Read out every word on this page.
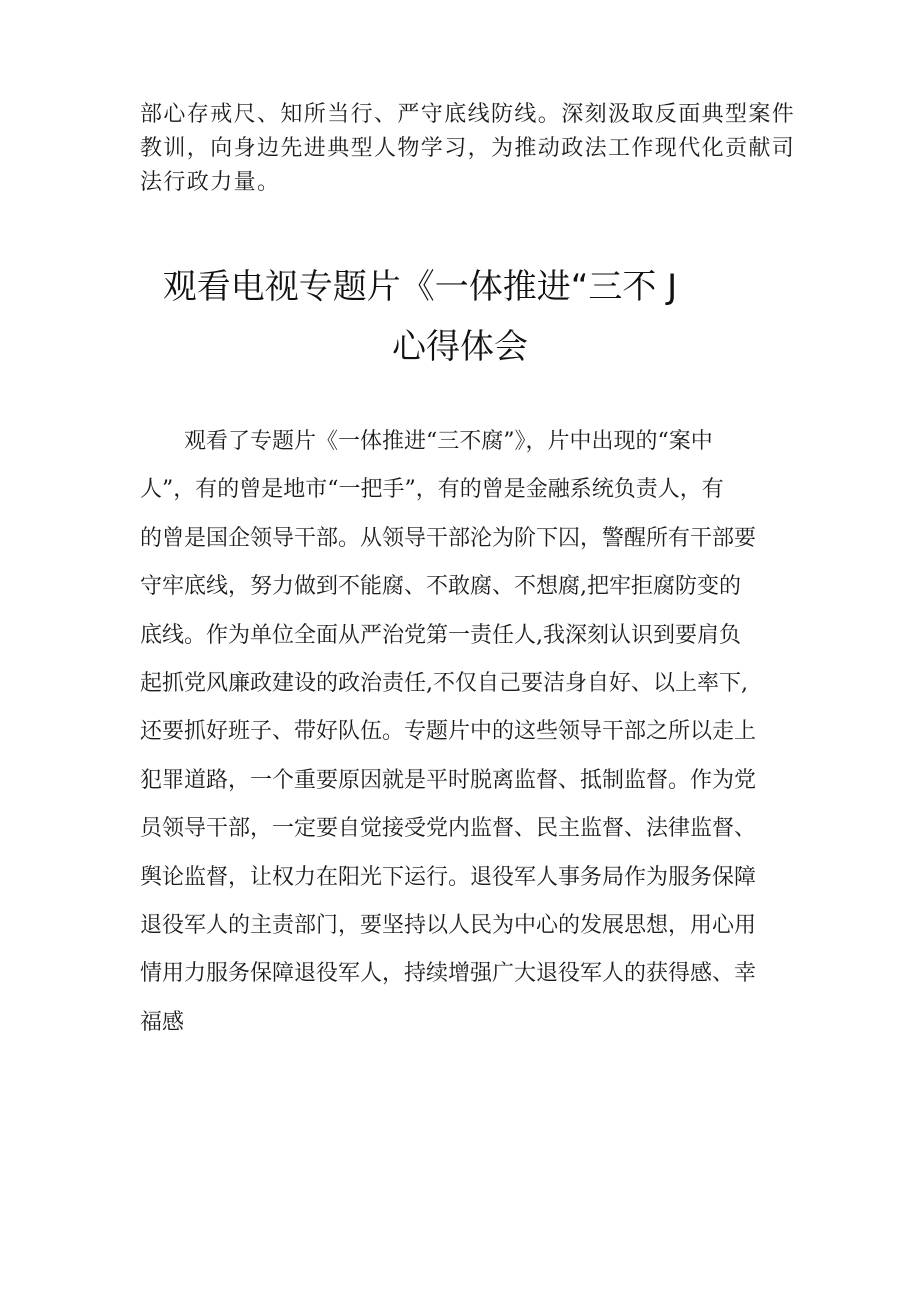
部心存戒尺、知所当行、严守底线防线。深刻汲取反面典型案件
教训，向身边先进典型人物学习，为推动政法工作现代化贡献司
法行政力量。
观看电视专题片《一体推进“三不 J
心得体会
观看了专题片《一体推进“三不腐”》，片中出现的“案中
人”，有的曾是地市“一把手”，有的曾是金融系统负责人，有
的曾是国企领导干部。从领导干部沦为阶下囚，警醒所有干部要
守牢底线，努力做到不能腐、不敢腐、不想腐,把牢拒腐防变的
底线。作为单位全面从严治党第一责任人,我深刻认识到要肩负
起抓党风廉政建设的政治责任,不仅自己要洁身自好、以上率下,
还要抓好班子、带好队伍。专题片中的这些领导干部之所以走上
犯罪道路，一个重要原因就是平时脱离监督、抵制监督。作为党
员领导干部，一定要自觉接受党内监督、民主监督、法律监督、
舆论监督，让权力在阳光下运行。退役军人事务局作为服务保障
退役军人的主责部门，要坚持以人民为中心的发展思想，用心用
情用力服务保障退役军人，持续增强广大退役军人的获得感、幸
福感
